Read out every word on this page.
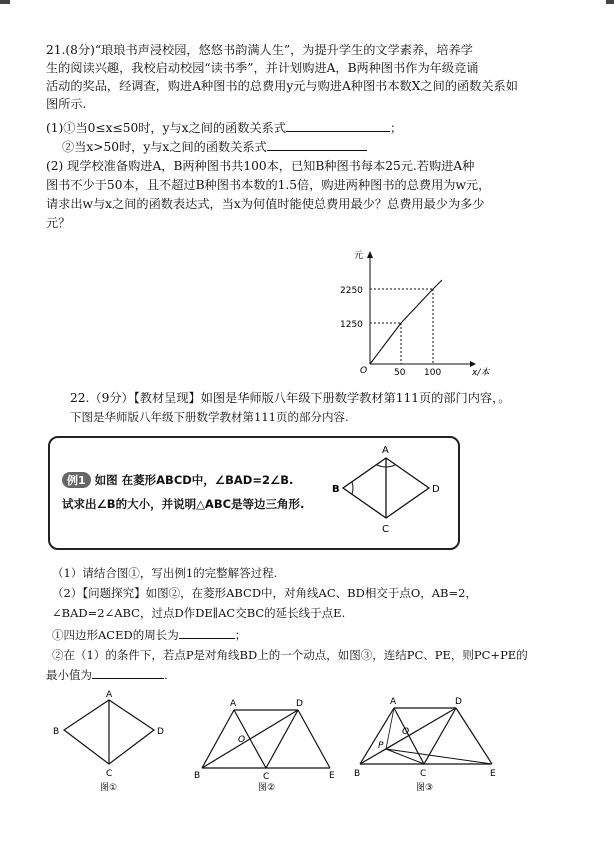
21.(8分)“琅琅书声浸校园，悠悠书韵满人生”，为提升学生的文学素养，培养学
生的阅读兴趣，我校启动校园“读书季”，并计划购进A，B两种图书作为年级竞诵
活动的奖品，经调查，购进A种图书的总费用y元与购进A种图书本数X之间的函数关系如
图所示.
(1)①当0≤x≤50时，y与x之间的函数关系式	；
②当x>50时，y与x之间的函数关系式
(2) 现学校准备购进A，B两种图书共100本，已知B种图书每本25元.若购进A种
图书不少于50本，且不超过B种图书本数的1.5倍，购进两种图书的总费用为w元，
请求出w与x之间的函数表达式，当x为何值时能使总费用最少？总费用最少为多少
元？
元
2250
1250
O	50 100	x/本
22.（9分）【教材呈现】如图是华师版八年级下册数学教材第111页的部门内容，。
下图是华师版八年级下册数学教材第111页的部分内容.
例1 如图 在菱形ABCD中，∠BAD=2∠B.
试求出∠B的大小，并说明△ABC是等边三角形.
A
B
C
D
（1）请结合图①，写出例1的完整解答过程.
（2）【问题探究】如图②，在菱形ABCD中，对角线AC、BD相交于点O，AB=2，
∠BAD=2∠ABC，过点D作DE∥AC交BC的延长线于点E.
①四边形ACED的周长为	；
②在（1）的条件下，若点P是对角线BD上的一个动点，如图③，连结PC、PE，则PC+PE的
最小值为	.
A
B
C
D
图①
A	D
O
B	C	E
图②
A	D
O
P
B	C	E
图③
